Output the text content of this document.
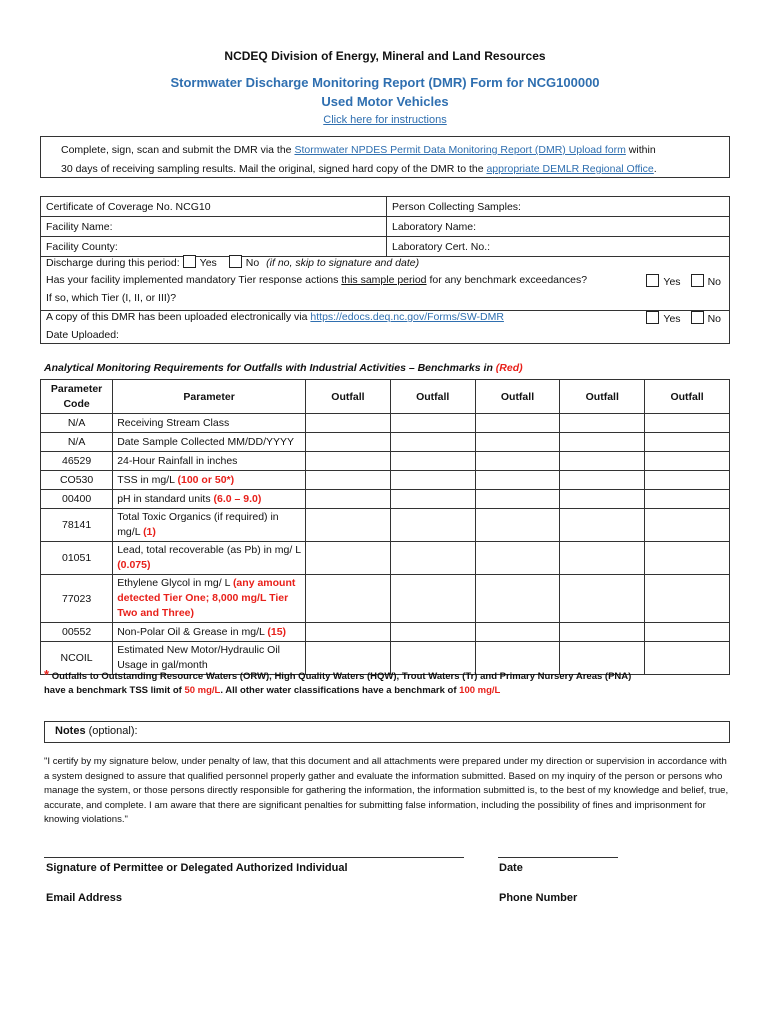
NCDEQ Division of Energy, Mineral and Land Resources
Stormwater Discharge Monitoring Report (DMR) Form for NCG100000
Used Motor Vehicles
Click here for instructions
Complete, sign, scan and submit the DMR via the Stormwater NPDES Permit Data Monitoring Report (DMR) Upload form within
30 days of receiving sampling results. Mail the original, signed hard copy of the DMR to the appropriate DEMLR Regional Office.
Certificate of Coverage No. NCG10	Person Collecting Samples:
Facility Name:	Laboratory Name:
Facility County:	Laboratory Cert. No.:
Discharge during this period: Yes	No (if no, skip to signature and date)
Has your facility implemented mandatory Tier response actions this sample period for any benchmark exceedances?	Yes	No
If so, which Tier (I, II, or III)?
A copy of this DMR has been uploaded electronically via https://edocs.deq.nc.gov/Forms/SW-DMR	Yes	No
Date Uploaded:
Analytical Monitoring Requirements for Outfalls with Industrial Activities – Benchmarks in (Red)
Parameter Code	Parameter	Outfall	Outfall	Outfall	Outfall	Outfall
N/A	Receiving Stream Class					
N/A	Date Sample Collected MM/DD/YYYY					
46529	24-Hour Rainfall in inches					
CO530	TSS in mg/L (100 or 50*)					
00400	pH in standard units (6.0 – 9.0)					
78141	Total Toxic Organics (if required) in mg/L (1)					
01051	Lead, total recoverable (as Pb) in mg/ L (0.075)					
77023	Ethylene Glycol in mg/ L (any amount detected Tier One; 8,000 mg/L Tier Two and Three)					
00552	Non-Polar Oil & Grease in mg/L (15)					
NCOIL	Estimated New Motor/Hydraulic Oil Usage in gal/month					
* Outfalls to Outstanding Resource Waters (ORW), High Quality Waters (HQW), Trout Waters (Tr) and Primary Nursery Areas (PNA)
have a benchmark TSS limit of 50 mg/L. All other water classifications have a benchmark of 100 mg/L
Notes (optional):
"I certify by my signature below, under penalty of law, that this document and all attachments were prepared under my direction or supervision in accordance with a system designed to assure that qualified personnel properly gather and evaluate the information submitted. Based on my inquiry of the person or persons who manage the system, or those persons directly responsible for gathering the information, the information submitted is, to the best of my knowledge and belief, true, accurate, and complete. I am aware that there are significant penalties for submitting false information, including the possibility of fines and imprisonment for knowing violations."
Signature of Permittee or Delegated Authorized Individual	Date
Email Address	Phone Number
